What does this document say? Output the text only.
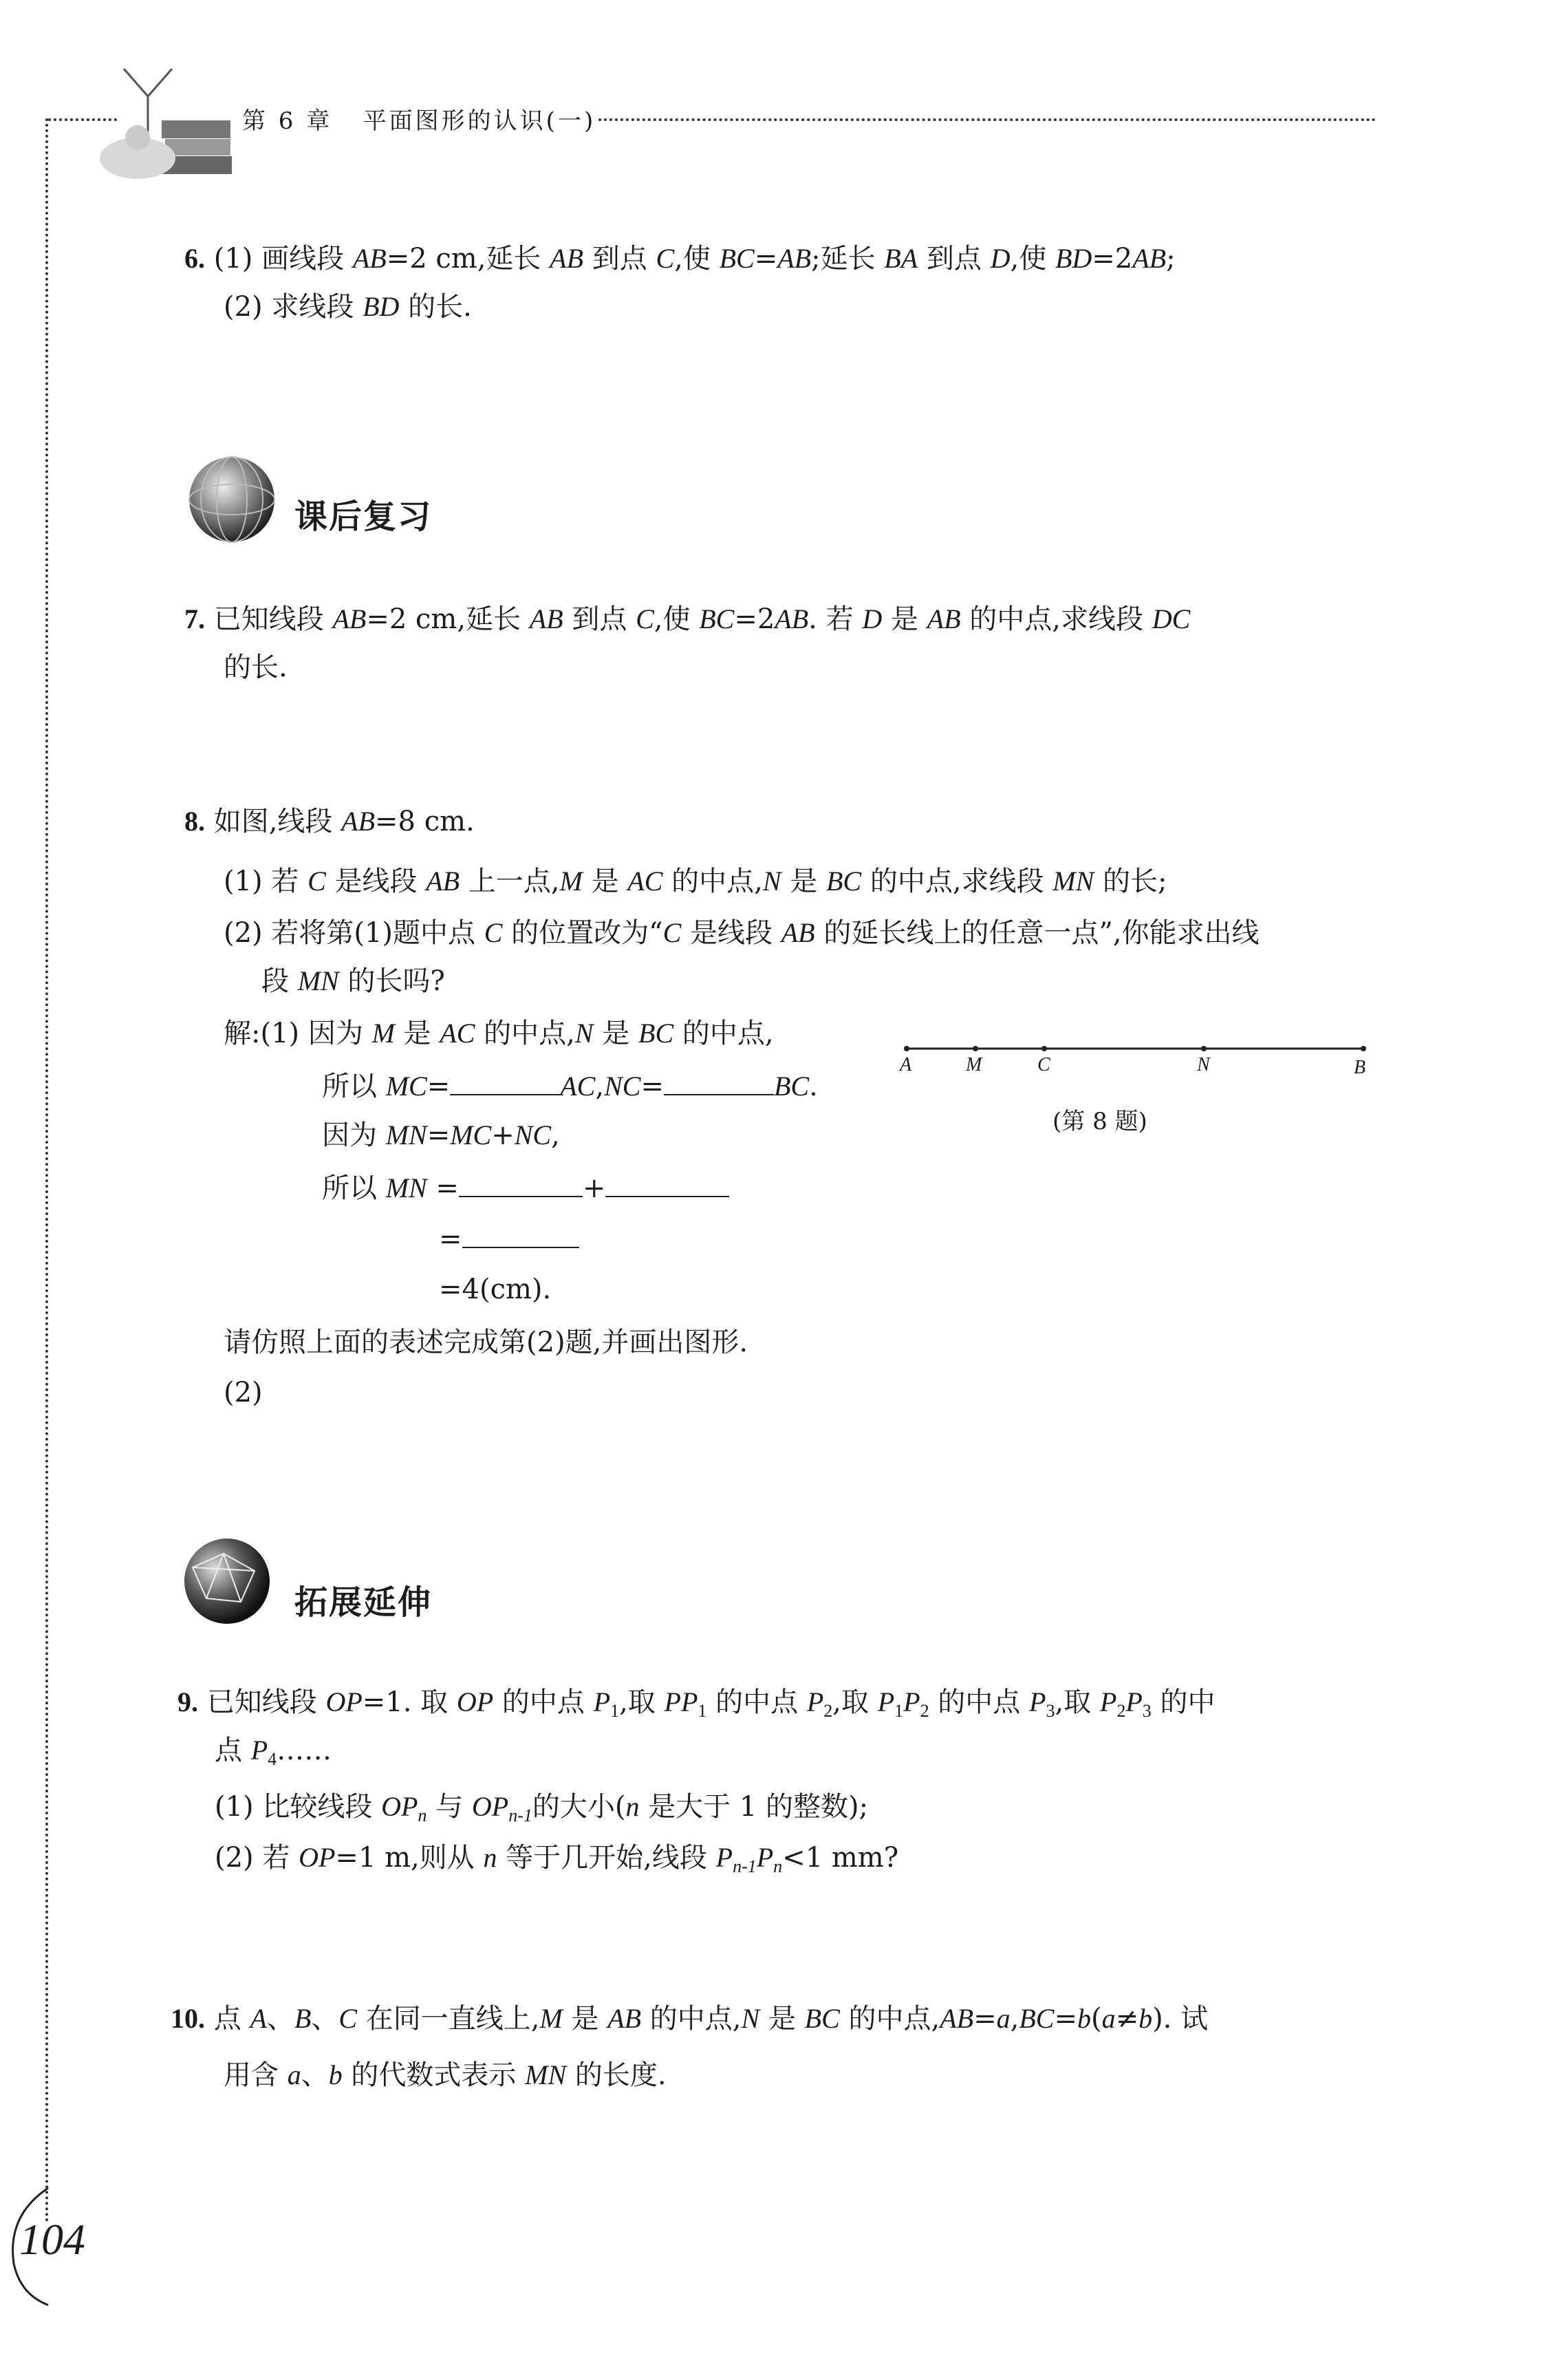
第 6 章 平面图形的认识(一)
6. (1) 画线段 AB=2 cm,延长 AB 到点 C,使 BC=AB;延长 BA 到点 D,使 BD=2AB;
(2) 求线段 BD 的长.
课后复习
7. 已知线段 AB=2 cm,延长 AB 到点 C,使 BC=2AB. 若 D 是 AB 的中点,求线段 DC
的长.
8. 如图,线段 AB=8 cm.
(1) 若 C 是线段 AB 上一点,M 是 AC 的中点,N 是 BC 的中点,求线段 MN 的长;
(2) 若将第(1)题中点 C 的位置改为“C 是线段 AB 的延长线上的任意一点”,你能求出线
段 MN 的长吗?
解:(1) 因为 M 是 AC 的中点,N 是 BC 的中点,
所以 MC=	AC,NC=	BC.
因为 MN=MC+NC,
所以 MN =	+
=
=4(cm).
请仿照上面的表述完成第(2)题,并画出图形.
(2)
A	M	C	N	B
(第 8 题)
拓展延伸
9. 已知线段 OP=1. 取 OP 的中点 $P_1$,取 $PP_1$ 的中点 $P_2$,取 $P_1P_2$ 的中点 $P_3$,取 $P_2P_3$ 的中
点 $P_4\dots\dots$
(1) 比较线段 $OP_n$ 与 $OP_{n-1}$的大小(n 是大于 1 的整数);
(2) 若 OP=1 m,则从 n 等于几开始,线段 $P_{n-1}P_n<1$ mm?
10. 点 A、B、C 在同一直线上,M 是 AB 的中点,N 是 BC 的中点,AB=a,BC=b(a≠b). 试
用含 a、b 的代数式表示 MN 的长度.
104
